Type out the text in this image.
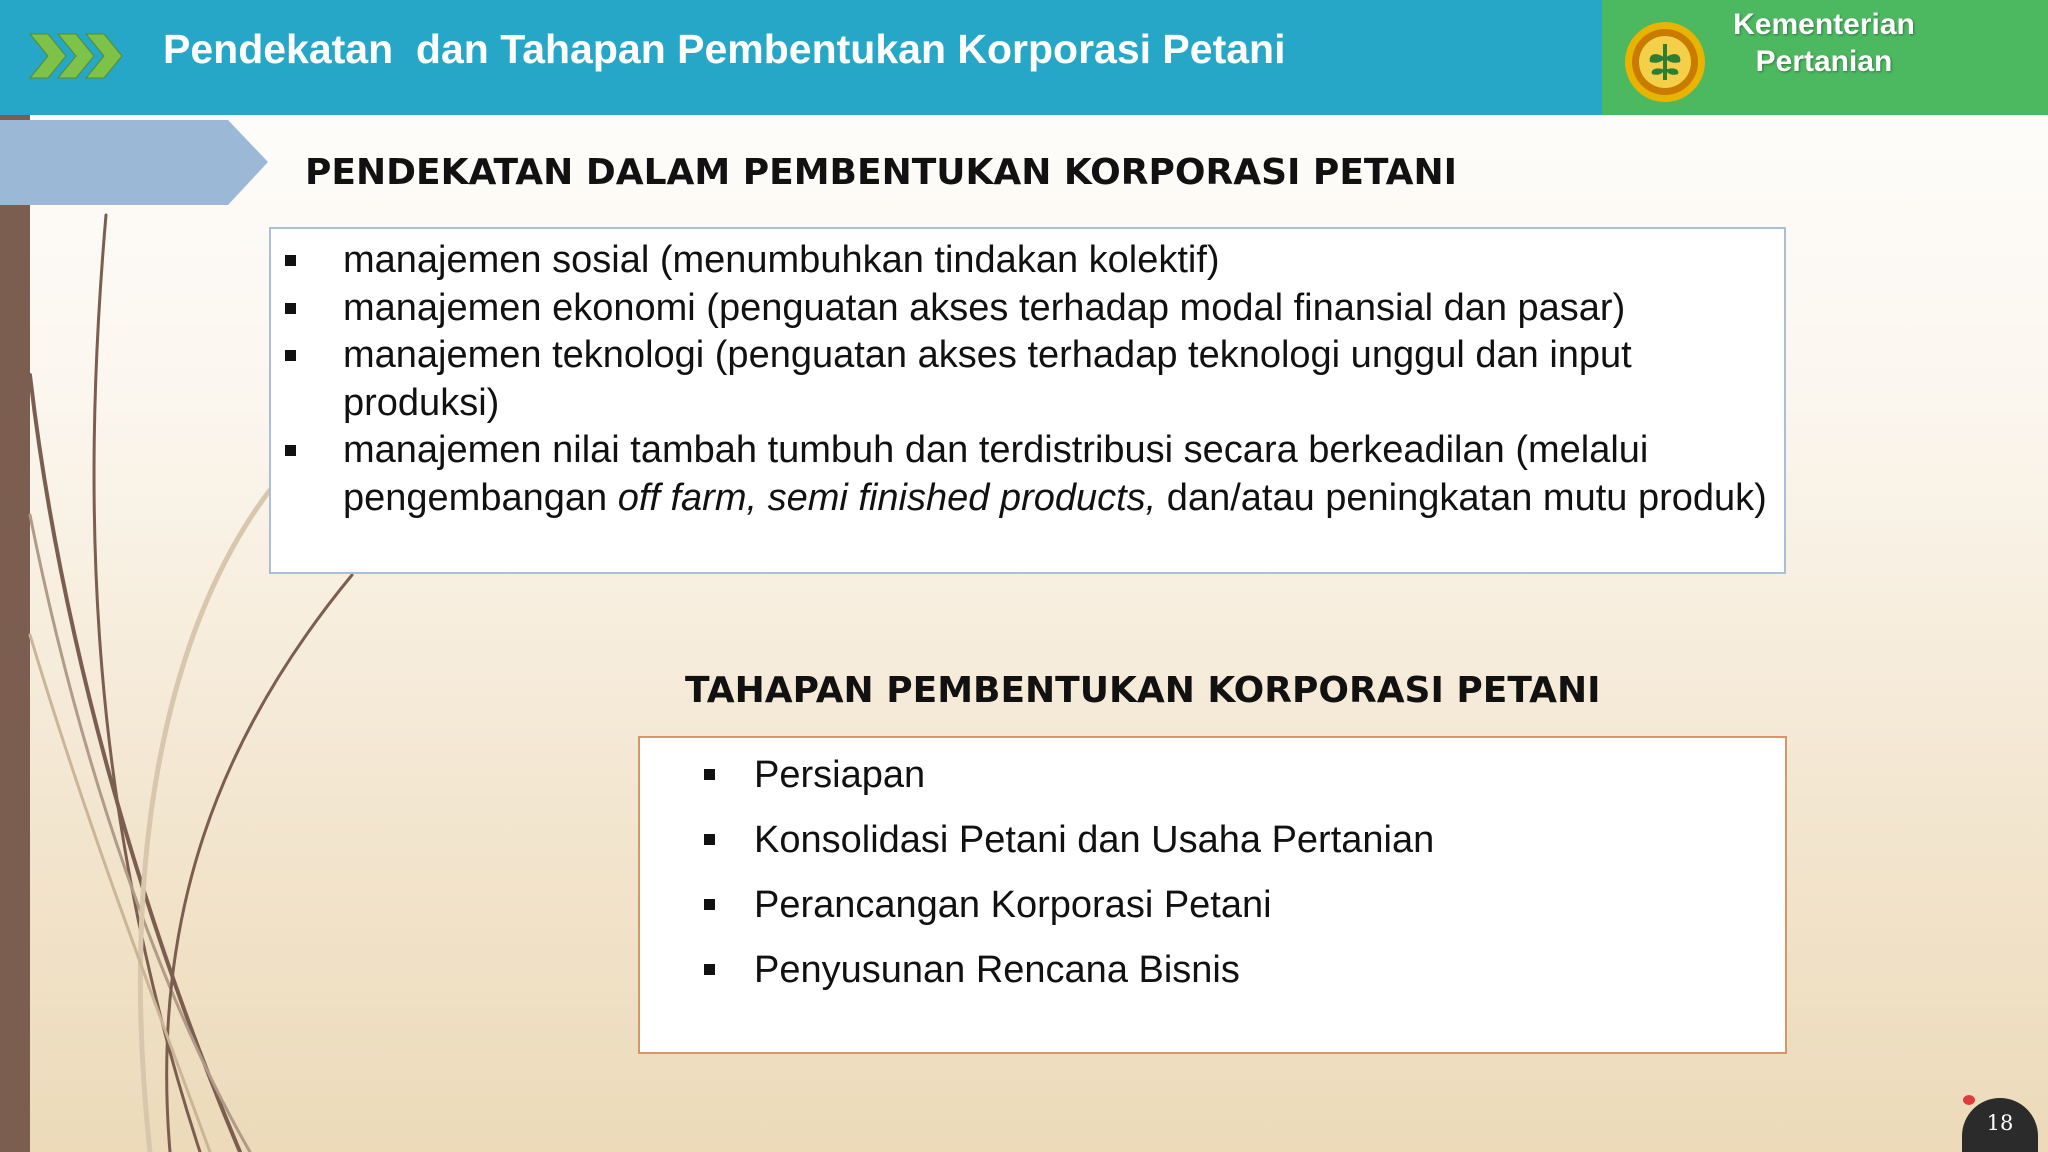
Pendekatan  dan Tahapan Pembentukan Korporasi Petani
Kementerian
Pertanian
PENDEKATAN DALAM PEMBENTUKAN KORPORASI PETANI
manajemen sosial (menumbuhkan tindakan kolektif)
manajemen ekonomi (penguatan akses terhadap modal finansial dan pasar)
manajemen teknologi (penguatan akses terhadap teknologi unggul dan input produksi)
manajemen nilai tambah tumbuh dan terdistribusi secara berkeadilan (melalui pengembangan off farm, semi finished products, dan/atau peningkatan mutu produk)
TAHAPAN PEMBENTUKAN KORPORASI PETANI
Persiapan
Konsolidasi Petani dan Usaha Pertanian
Perancangan Korporasi Petani
Penyusunan Rencana Bisnis
18
